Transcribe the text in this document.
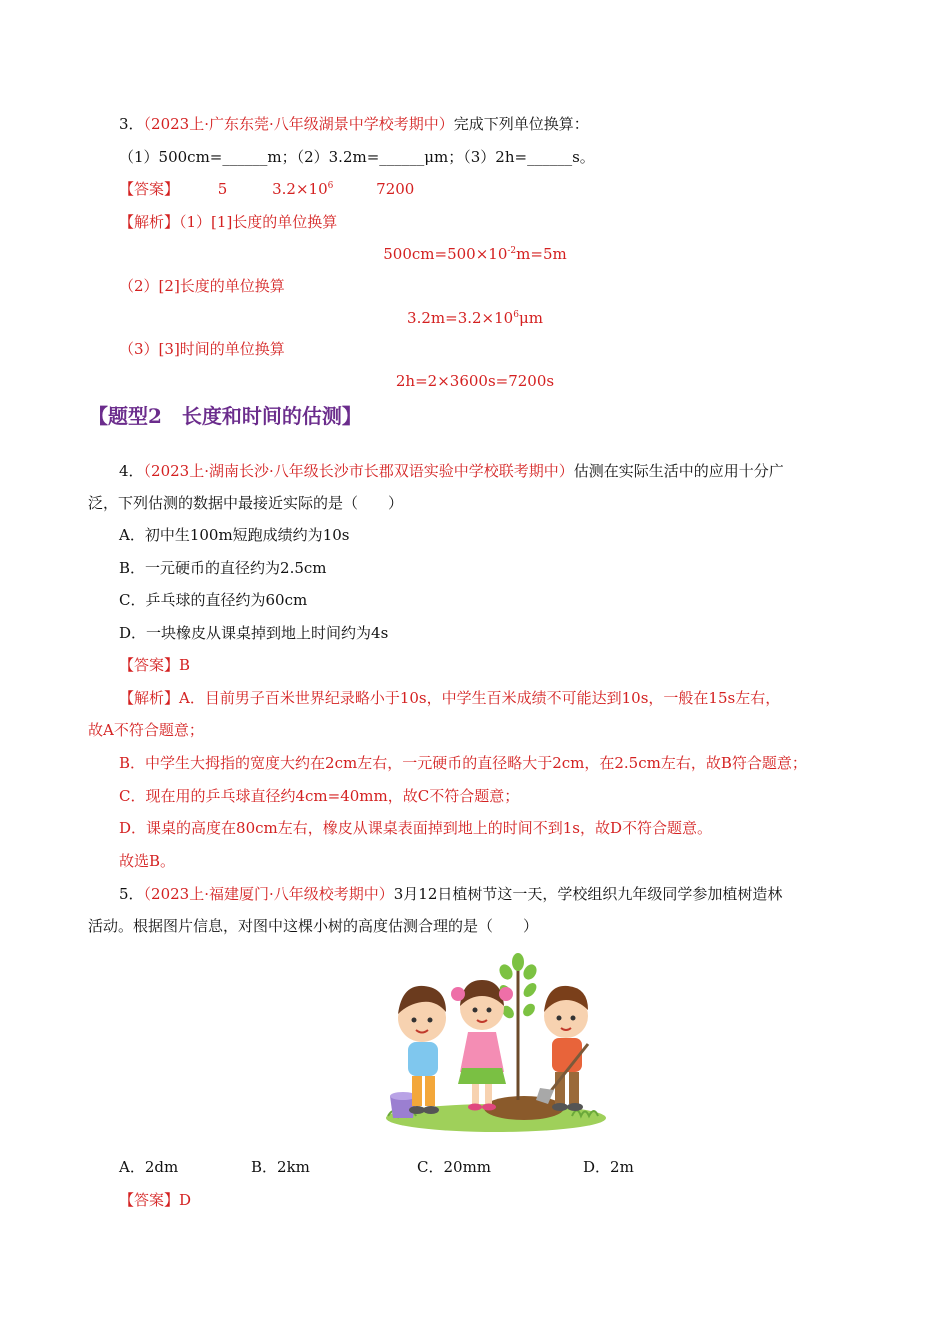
3．（2023上·广东东莞·八年级湖景中学校考期中）完成下列单位换算：
（1）500cm=______m；（2）3.2m=______μm；（3）2h=______s。
【答案】	5	$3.2\times 10^6$	7200
【解析】（1）[1]长度的单位换算
$500cm=500\times 10^{-2}m=5m$
（2）[2]长度的单位换算
$3.2m=3.2\times 10^6\mu m$
（3）[3]时间的单位换算
2h=2×3600s=7200s
【题型2　长度和时间的估测】
4．（2023上·湖南长沙·八年级长沙市长郡双语实验中学校联考期中）估测在实际生活中的应用十分广
泛，下列估测的数据中最接近实际的是（　　）
A．初中生100m短跑成绩约为10s
B．一元硬币的直径约为2.5cm
C．乒乓球的直径约为60cm
D．一块橡皮从课桌掉到地上时间约为4s
【答案】B
【解析】A．目前男子百米世界纪录略小于10s，中学生百米成绩不可能达到10s，一般在15s左右，
故A不符合题意；
B．中学生大拇指的宽度大约在2cm左右，一元硬币的直径略大于2cm，在2.5cm左右，故B符合题意；
C．现在用的乒乓球直径约4cm=40mm，故C不符合题意；
D．课桌的高度在80cm左右，橡皮从课桌表面掉到地上的时间不到1s，故D不符合题意。
故选B。
5．（2023上·福建厦门·八年级校考期中）3月12日植树节这一天，学校组织九年级同学参加植树造林
活动。根据图片信息，对图中这棵小树的高度估测合理的是（　　）
A．2dm	B．2km	C．20mm	D．2m
【答案】D
